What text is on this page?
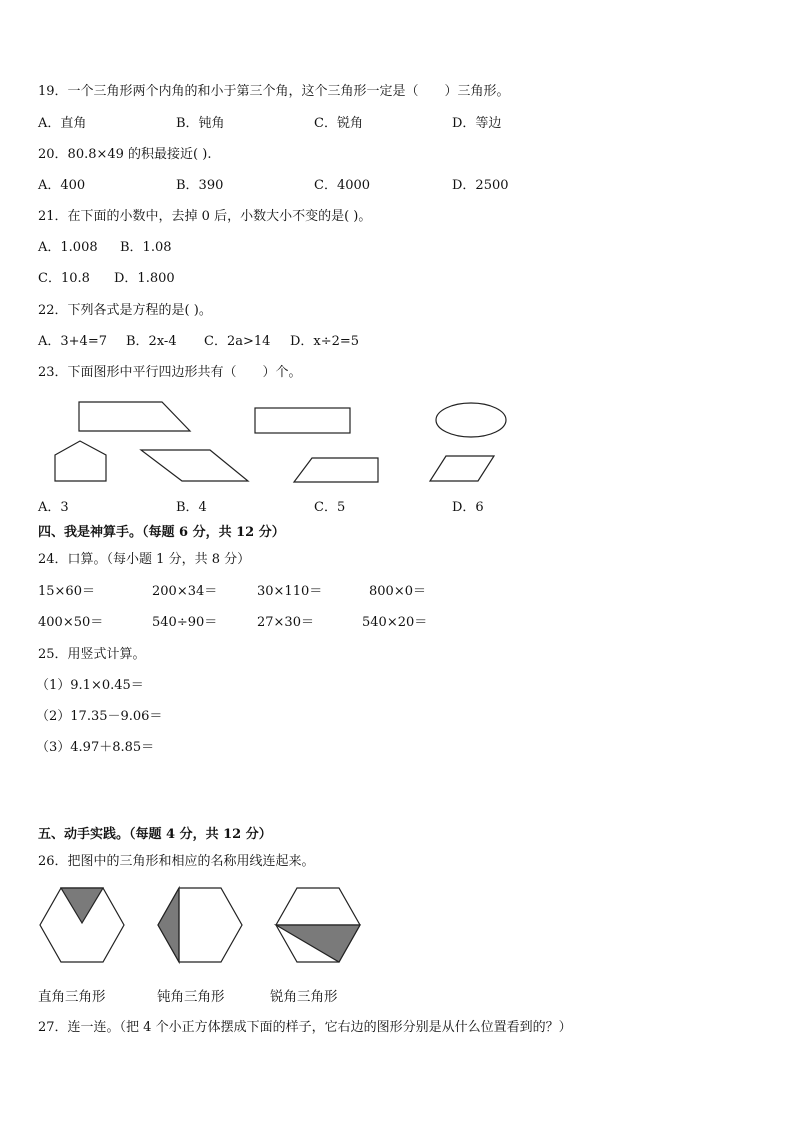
19．一个三角形两个内角的和小于第三个角，这个三角形一定是（　　）三角形。
A．直角	B．钝角	C．锐角	D．等边
20．80.8×49 的积最接近( ).
A．400	B．390	C．4000	D．2500
21．在下面的小数中，去掉 0 后，小数大小不变的是( )。
A．1.008 B．1.08
C．10.8 D．1.800
22．下列各式是方程的是( )。
A．3+4=7 B．2x-4 C．2a>14 D．x÷2=5
23．下面图形中平行四边形共有（　　）个。
A．3	B．4	C．5	D．6
四、我是神算手。（每题 6 分，共 12 分）
24．口算。（每小题 1 分，共 8 分）
15×60＝	200×34＝	30×110＝	800×0＝
400×50＝	540÷90＝	27×30＝	540×20＝
25．用竖式计算。
（1）9.1×0.45＝
（2）17.35－9.06＝
（3）4.97＋8.85＝
五、动手实践。（每题 4 分，共 12 分）
26．把图中的三角形和相应的名称用线连起来。
直角三角形	钝角三角形	锐角三角形
27．连一连。（把 4 个小正方体摆成下面的样子，它右边的图形分别是从什么位置看到的？）
